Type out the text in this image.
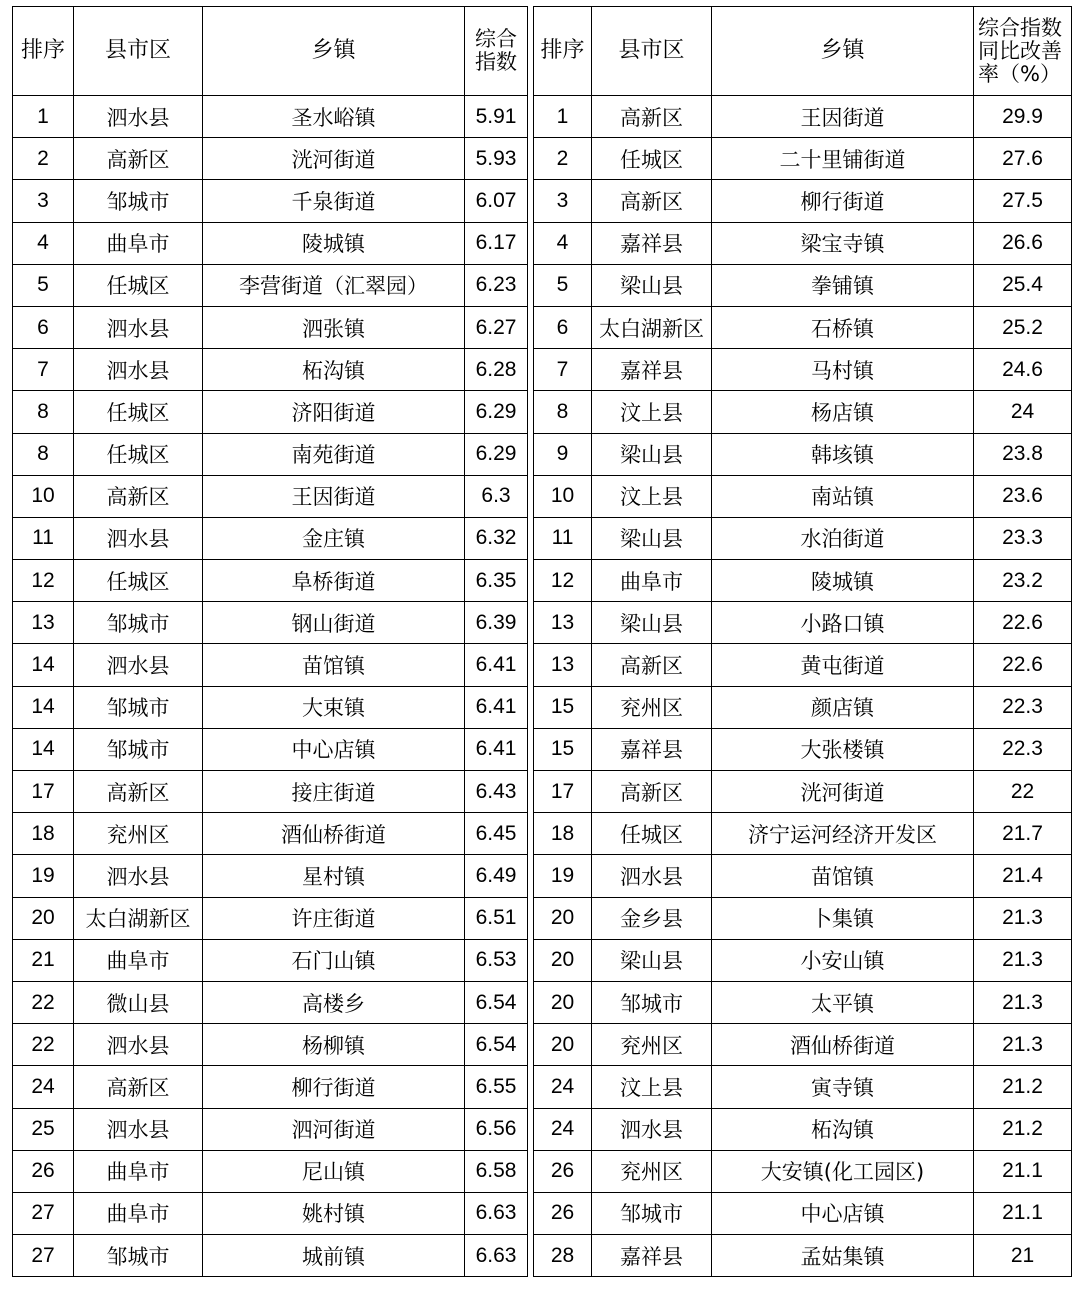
排序	县市区	乡镇	综合指数
1	泗水县	圣水峪镇	5.91
2	高新区	洸河街道	5.93
3	邹城市	千泉街道	6.07
4	曲阜市	陵城镇	6.17
5	任城区	李营街道（汇翠园）	6.23
6	泗水县	泗张镇	6.27
7	泗水县	柘沟镇	6.28
8	任城区	济阳街道	6.29
8	任城区	南苑街道	6.29
10	高新区	王因街道	6.3
11	泗水县	金庄镇	6.32
12	任城区	阜桥街道	6.35
13	邹城市	钢山街道	6.39
14	泗水县	苗馆镇	6.41
14	邹城市	大束镇	6.41
14	邹城市	中心店镇	6.41
17	高新区	接庄街道	6.43
18	兖州区	酒仙桥街道	6.45
19	泗水县	星村镇	6.49
20	太白湖新区	许庄街道	6.51
21	曲阜市	石门山镇	6.53
22	微山县	高楼乡	6.54
22	泗水县	杨柳镇	6.54
24	高新区	柳行街道	6.55
25	泗水县	泗河街道	6.56
26	曲阜市	尼山镇	6.58
27	曲阜市	姚村镇	6.63
27	邹城市	城前镇	6.63
排序	县市区	乡镇	综合指数同比改善率（%）
1	高新区	王因街道	29.9
2	任城区	二十里铺街道	27.6
3	高新区	柳行街道	27.5
4	嘉祥县	梁宝寺镇	26.6
5	梁山县	拳铺镇	25.4
6	太白湖新区	石桥镇	25.2
7	嘉祥县	马村镇	24.6
8	汶上县	杨店镇	24
9	梁山县	韩垓镇	23.8
10	汶上县	南站镇	23.6
11	梁山县	水泊街道	23.3
12	曲阜市	陵城镇	23.2
13	梁山县	小路口镇	22.6
13	高新区	黄屯街道	22.6
15	兖州区	颜店镇	22.3
15	嘉祥县	大张楼镇	22.3
17	高新区	洸河街道	22
18	任城区	济宁运河经济开发区	21.7
19	泗水县	苗馆镇	21.4
20	金乡县	卜集镇	21.3
20	梁山县	小安山镇	21.3
20	邹城市	太平镇	21.3
20	兖州区	酒仙桥街道	21.3
24	汶上县	寅寺镇	21.2
24	泗水县	柘沟镇	21.2
26	兖州区	大安镇(化工园区)	21.1
26	邹城市	中心店镇	21.1
28	嘉祥县	孟姑集镇	21
